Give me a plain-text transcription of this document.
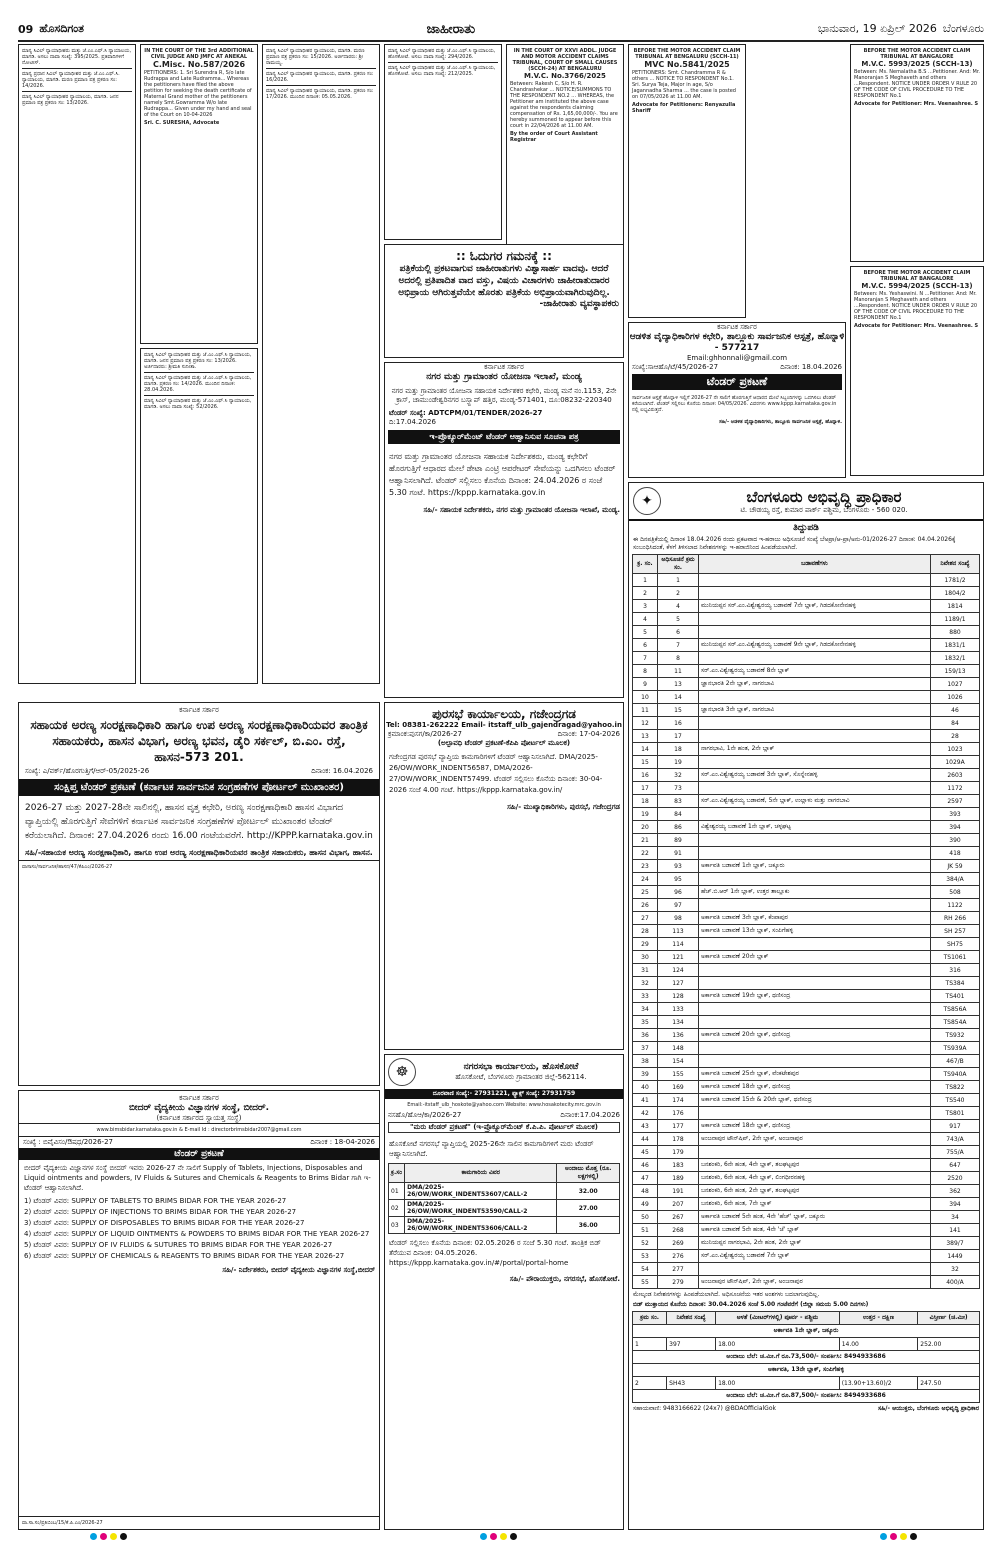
09 ಹೊಸದಿಗಂತ	ಜಾಹೀರಾತು	ಭಾನುವಾರ, 19 ಏಪ್ರಿಲ್ 2026 ಬೆಂಗಳೂರು

ಮಾನ್ಯ ಸಿವಿಲ್ ನ್ಯಾಯಾಧೀಶರು ಮತ್ತು ಜೆ.ಎಂ.ಎಫ್.ಸಿ ನ್ಯಾಯಾಲಯ, ಮಾಗಡಿ. ಅಸಲು ದಾವಾ ಸಂಖ್ಯೆ: 395/2025. ಪ್ರತಿವಾದಿಗಳಿಗೆ ನೋಟೀಸ್.

ಮಾನ್ಯ ಪ್ರಧಾನ ಸಿವಿಲ್ ನ್ಯಾಯಾಧೀಶರ ಮತ್ತು ಜೆ.ಎಂ.ಎಫ್.ಸಿ. ನ್ಯಾಯಾಲಯ, ಮಾಗಡಿ. ಮರಣ ಪ್ರಮಾಣ ಪತ್ರ ಪ್ರಕರಣ ಸಂ: 14/2026.

ಮಾನ್ಯ ಸಿವಿಲ್ ನ್ಯಾಯಾಧೀಶರ ನ್ಯಾಯಾಲಯ, ಮಾಗಡಿ. ಜನನ ಪ್ರಮಾಣ ಪತ್ರ ಪ್ರಕರಣ ಸಂ: 13/2026.

IN THE COURT OF THE 3rd ADDITIONAL CIVIL JUDGE AND JMFC AT ANEKAL
C.Misc. No.587/2026

PETITIONERS: 1. Sri Surendra R, S/o late Rudrappa and Late Rudramma... Whereas the petitioners have filed the above petition for seeking the death certificate of Maternal Grand mother of the petitioners namely Smt.Gowramma W/o late Rudrappa... Given under my hand and seal of the Court on 10-04-2026

Sri. C. SURESHA, Advocate

ಮಾನ್ಯ ಸಿವಿಲ್ ನ್ಯಾಯಾಧೀಶರ ಮತ್ತು ಜೆ.ಎಂ.ಎಫ್.ಸಿ ನ್ಯಾಯಾಲಯ, ಮಾಗಡಿ. ಜನನ ಪ್ರಮಾಣ ಪತ್ರ ಪ್ರಕರಣ ಸಂ: 13/2026. ಅರ್ಜಿದಾರರು: ಶ್ರೀಮತಿ ಸುನೀತಾ.

ಮಾನ್ಯ ಸಿವಿಲ್ ನ್ಯಾಯಾಧೀಶರ ಮತ್ತು ಜೆ.ಎಂ.ಎಫ್.ಸಿ ನ್ಯಾಯಾಲಯ, ಮಾಗಡಿ. ಪ್ರಕರಣ ಸಂ: 14/2026. ಮುಂದಿನ ದಿನಾಂಕ: 28.04.2026.

ಮಾನ್ಯ ಸಿವಿಲ್ ನ್ಯಾಯಾಧೀಶರ ಮತ್ತು ಜೆ.ಎಂ.ಎಫ್.ಸಿ ನ್ಯಾಯಾಲಯ, ಮಾಗಡಿ. ಅಸಲು ದಾವಾ ಸಂಖ್ಯೆ: 52/2026.

ಮಾನ್ಯ ಸಿವಿಲ್ ನ್ಯಾಯಾಧೀಶರ ನ್ಯಾಯಾಲಯ, ಮಾಗಡಿ. ಮರಣ ಪ್ರಮಾಣ ಪತ್ರ ಪ್ರಕರಣ ಸಂ: 15/2026. ಅರ್ಜಿದಾರರು: ಶ್ರೀ ರಾಮಯ್ಯ.

ಮಾನ್ಯ ಸಿವಿಲ್ ನ್ಯಾಯಾಧೀಶರ ನ್ಯಾಯಾಲಯ, ಮಾಗಡಿ. ಪ್ರಕರಣ ಸಂ: 16/2026.

ಮಾನ್ಯ ಸಿವಿಲ್ ನ್ಯಾಯಾಧೀಶರ ನ್ಯಾಯಾಲಯ, ಮಾಗಡಿ. ಪ್ರಕರಣ ಸಂ: 17/2026. ಮುಂದಿನ ದಿನಾಂಕ: 05.05.2026.

ಮಾನ್ಯ ಸಿವಿಲ್ ನ್ಯಾಯಾಧೀಶರ ಮತ್ತು ಜೆ.ಎಂ.ಎಫ್.ಸಿ ನ್ಯಾಯಾಲಯ, ಹೊಸಕೋಟೆ. ಅಸಲು ದಾವಾ ಸಂಖ್ಯೆ: 294/2026.

ಮಾನ್ಯ ಸಿವಿಲ್ ನ್ಯಾಯಾಧೀಶರ ಮತ್ತು ಜೆ.ಎಂ.ಎಫ್.ಸಿ ನ್ಯಾಯಾಲಯ, ಹೊಸಕೋಟೆ. ಅಸಲು ದಾವಾ ಸಂಖ್ಯೆ: 212/2025.

IN THE COURT OF XXVI ADDL. JUDGE AND MOTOR ACCIDENT CLAIMS TRIBUNAL, COURT OF SMALL CAUSES (SCCH-24) AT BENGALURU
M.V.C. No.3766/2025

Between: Rakesh C, S/o H. R. Chandrashekar ... NOTICE/SUMMONS TO THE RESPONDENT NO.2 ... WHEREAS, the Petitioner am instituted the above case against the respondents claiming compensation of Rs. 1,65,00,000/-. You are hereby summoned to appear before this court in 22/04/2026 at 11.00 AM.

By the order of Court Assistant Registrar
BEFORE THE MOTOR ACCIDENT CLAIM TRIBUNAL AT BENGALURU (SCCH-11)
MVC No.5841/2025

PETITIONERS: Smt. Chandramma R & others ... NOTICE TO RESPONDENT No.1. Sri. Surya Teja, Major in age, S/o Jagannadha Sharma ... the case is posted on 07/05/2026 at 11.00 AM.

Advocate for Petitioners: Renyazulla Shariff
BEFORE THE MOTOR ACCIDENT CLAIM TRIBUNAL AT BANGALORE
M.V.C. 5993/2025 (SCCH-13)

Between: Ms. Nemalatha B.S ...Petitioner. And: Mr. Manoranjan S Meghaveth and others ...Respondent. NOTICE UNDER ORDER V RULE 20 OF THE CODE OF CIVIL PROCEDURE TO THE RESPONDENT No.1

Advocate for Petitioner: Mrs. Veenashree. S
BEFORE THE MOTOR ACCIDENT CLAIM TRIBUNAL AT BANGALORE
M.V.C. 5994/2025 (SCCH-13)

Between: Ms. Yeshaswini. N ...Petitioner. And: Mr. Manoranjan S Meghaveth and others ...Respondent. NOTICE UNDER ORDER V RULE 20 OF THE CODE OF CIVIL PROCEDURE TO THE RESPONDENT No.1

Advocate for Petitioner: Mrs. Veenashree. S
:: ಓದುಗರ ಗಮನಕ್ಕೆ ::
ಪತ್ರಿಕೆಯಲ್ಲಿ ಪ್ರಕಟವಾಗುವ ಜಾಹೀರಾತುಗಳು ವಿಶ್ವಾಸಾರ್ಹ ವಾದವು. ಆದರೆ ಅದರಲ್ಲಿ ಪ್ರತಿಪಾದಿತ ವಾದ ವಸ್ತು, ವಿಷಯ ವಿಚಾರಗಳು ಜಾಹೀರಾತುದಾರರ ಅಭಿಪ್ರಾಯ ಆಗಿರುತ್ತವೆಯೇ ಹೊರತು ಪತ್ರಿಕೆಯ ಅಭಿಪ್ರಾಯವಾಗಿರುವುದಿಲ್ಲ.
-ಜಾಹೀರಾತು ವ್ಯವಸ್ಥಾಪಕರು
ಕರ್ನಾಟಕ ಸರ್ಕಾರ
ಆಡಳಿತ ವೈದ್ಯಾಧಿಕಾರಿಗಳ ಕಛೇರಿ, ತಾಲ್ಲೂಕು ಸಾರ್ವಜನಿಕ ಆಸ್ಪತ್ರೆ, ಹೊನ್ನಾಳಿ - 577217
Email:ghhonnali@gmail.com
ಸಂಖ್ಯೆ:ಸಾಆಹೊ/ಟೆ/45/2026-27	ದಿನಾಂಕ: 18.04.2026
ಟೆಂಡರ್ ಪ್ರಕಟಣೆ
ಸಾರ್ವಜನಿಕ ಆಸ್ಪತ್ರೆ ಹೊನ್ನಾಳಿ ಇಲ್ಲಿಗೆ 2026-27 ನೇ ಸಾಲಿಗೆ ಹೊರಗುತ್ತಿಗೆ ಆಧಾರದ ಮೇಲೆ ಸಿಬ್ಬಂದಿಗಳನ್ನು ಒದಗಿಸಲು ಟೆಂಡರ್ ಕರೆಯಲಾಗಿದೆ. ಟೆಂಡರ್ ಸಲ್ಲಿಸಲು ಕೊನೆಯ ದಿನಾಂಕ: 04/05/2026. ವಿವರಗಳು www.kppp.karnataka.gov.in ನಲ್ಲಿ ಲಭ್ಯವಿರುತ್ತದೆ.
ಸಹಿ/- ಆಡಳಿತ ವೈದ್ಯಾಧಿಕಾರಿಗಳು, ತಾಲ್ಲೂಕು ಸಾರ್ವಜನಿಕ ಆಸ್ಪತ್ರೆ, ಹೊನ್ನಾಳಿ.
ಕರ್ನಾಟಕ ಸರ್ಕಾರ
ನಗರ ಮತ್ತು ಗ್ರಾಮಾಂತರ ಯೋಜನಾ ಇಲಾಖೆ, ಮಂಡ್ಯ
ನಗರ ಮತ್ತು ಗ್ರಾಮಾಂತರ ಯೋಜನಾ ಸಹಾಯಕ ನಿರ್ದೇಶಕರ ಕಛೇರಿ, ಮಂಡ್ಯ ಮನೆ ನಂ.1153, 2ನೇ ಕ್ರಾಸ್, ಚಾಮುಂಡೇಶ್ವರಿನಗರ ಬಸ್ಸ್ಟಾಪ್ ಹತ್ತಿರ, ಮಂಡ್ಯ-571401, ದೂ:08232-220340
ಟೆಂಡರ್ ಸಂಖ್ಯೆ: ADTCPM/01/TENDER/2026-27
ದಿ:17.04.2026
ಇ-ಪ್ರೊಕ್ಯೂರ್‌ಮೆಂಟ್ ಟೆಂಡರ್ ಆಹ್ವಾನಿಸುವ ಸೂಚನಾ ಪತ್ರ
ನಗರ ಮತ್ತು ಗ್ರಾಮಾಂತರ ಯೋಜನಾ ಸಹಾಯಕ ನಿರ್ದೇಶಕರು, ಮಂಡ್ಯ ಕಛೇರಿಗೆ ಹೊರಗುತ್ತಿಗೆ ಆಧಾರದ ಮೇಲೆ ಡೇಟಾ ಎಂಟ್ರಿ ಆಪರೇಟರ್ ಸೇವೆಯನ್ನು ಒದಗಿಸಲು ಟೆಂಡರ್ ಆಹ್ವಾನಿಸಲಾಗಿದೆ. ಟೆಂಡರ್ ಸಲ್ಲಿಸಲು ಕೊನೆಯ ದಿನಾಂಕ: 24.04.2026 ರ ಸಂಜೆ 5.30 ಗಂಟೆ. https://kppp.karnataka.gov.in
ಸಹಿ/- ಸಹಾಯಕ ನಿರ್ದೇಶಕರು, ನಗರ ಮತ್ತು ಗ್ರಾಮಾಂತರ ಯೋಜನಾ ಇಲಾಖೆ, ಮಂಡ್ಯ.
ಪುರಸಭೆ ಕಾರ್ಯಾಲಯ, ಗಜೇಂದ್ರಗಡ
Tel: 08381-262222 Email- itstaff_ulb_gajendragad@yahoo.in
ಕ್ರಮಾಂಕ:ಪುಸಗ/ಕಾ/2026-27	ದಿನಾಂಕ: 17-04-2026
(ಅಲ್ಪಾವಧಿ ಟೆಂಡರ್ ಪ್ರಕಟಣೆ-ಕೆಪಿಪಿ ಪೋರ್ಟಲ್ ಮೂಲಕ)
ಗಜೇಂದ್ರಗಡ ಪುರಸಭೆ ವ್ಯಾಪ್ತಿಯ ಕಾಮಗಾರಿಗಳಿಗೆ ಟೆಂಡರ್ ಆಹ್ವಾನಿಸಲಾಗಿದೆ. DMA/2025-26/OW/WORK_INDENT56587, DMA/2026-27/OW/WORK_INDENT57499. ಟೆಂಡರ್ ಸಲ್ಲಿಸಲು ಕೊನೆಯ ದಿನಾಂಕ: 30-04-2026 ಸಂಜೆ 4.00 ಗಂಟೆ. https://kppp.karnataka.gov.in/
ಸಹಿ/- ಮುಖ್ಯಾಧಿಕಾರಿಗಳು, ಪುರಸಭೆ, ಗಜೇಂದ್ರಗಡ
☸	ನಗರಸಭಾ ಕಾರ್ಯಾಲಯ, ಹೊಸಕೋಟೆ
ಹೊಸಕೋಟೆ, ಬೆಂಗಳೂರು ಗ್ರಾಮಾಂತರ ಜಿಲ್ಲೆ-562114.
ದೂರವಾಣಿ ಸಂಖ್ಯೆ:- 27931221, ಫ್ಯಾಕ್ಸ್ ಸಂಖ್ಯೆ: 27931759
Email:-itstaff_ulb_hoskote@yahoo.com Website: www.hosakotecity.mrc.gov.in
ನಸಹೊ/ಹೊಆ/ಕಾ/2026-27	ದಿನಾಂಕ:17.04.2026
"ಮರು ಟೆಂಡರ್ ಪ್ರಕಟಣೆ" (ಇ-ಪ್ರೊಕ್ಯೂರ್‌ಮೆಂಟ್ ಕೆ.ಪಿ.ಪಿ. ಪೋರ್ಟಲ್ ಮೂಲಕ)
ಹೊಸಕೋಟೆ ನಗರಸಭೆ ವ್ಯಾಪ್ತಿಯಲ್ಲಿ 2025-26ನೇ ಸಾಲಿನ ಕಾಮಗಾರಿಗಳಿಗೆ ಮರು ಟೆಂಡರ್ ಆಹ್ವಾನಿಸಲಾಗಿದೆ.
ಕ್ರ.ಸಂ	ಕಾಮಗಾರಿಯ ವಿವರ	ಅಂದಾಜು ಮೊತ್ತ (ರೂ. ಲಕ್ಷಗಳಲ್ಲಿ)
01	DMA/2025-26/OW/WORK_INDENT53607/CALL-2	32.00
02	DMA/2025-26/OW/WORK_INDENT53590/CALL-2	27.00
03	DMA/2025-26/OW/WORK_INDENT53606/CALL-2	36.00
ಟೆಂಡರ್ ಸಲ್ಲಿಸಲು ಕೊನೆಯ ದಿನಾಂಕ: 02.05.2026 ರ ಸಂಜೆ 5.30 ಗಂಟೆ. ತಾಂತ್ರಿಕ ಬಿಡ್ ತೆರೆಯುವ ದಿನಾಂಕ: 04.05.2026. https://kppp.karnataka.gov.in/#/portal/portal-home
ಸಹಿ/- ಪೌರಾಯುಕ್ತರು, ನಗರಸಭೆ, ಹೊಸಕೋಟೆ.
ಕರ್ನಾಟಕ ಸರ್ಕಾರ
ಸಹಾಯಕ ಅರಣ್ಯ ಸಂರಕ್ಷಣಾಧಿಕಾರಿ ಹಾಗೂ ಉಪ ಅರಣ್ಯ ಸಂರಕ್ಷಣಾಧಿಕಾರಿಯವರ ತಾಂತ್ರಿಕ ಸಹಾಯಕರು, ಹಾಸನ ವಿಭಾಗ, ಅರಣ್ಯ ಭವನ, ಡೈರಿ ಸರ್ಕಲ್, ಬಿ.ಎಂ. ರಸ್ತೆ, ಹಾಸನ-573 201.
ಸಂಖ್ಯೆ: ಎ/ವರ್ಕ್/ಹೊರಗುತ್ತಿಗೆ/ಆರ್-05/2025-26	ದಿನಾಂಕ: 16.04.2026
ಸಂಕ್ಷಿಪ್ತ ಟೆಂಡರ್ ಪ್ರಕಟಣೆ (ಕರ್ನಾಟಕ ಸಾರ್ವಜನಿಕ ಸಂಗ್ರಹಣೆಗಳ ಪೋರ್ಟಲ್ ಮುಖಾಂತರ)
2026-27 ಮತ್ತು 2027-28ನೇ ಸಾಲಿನಲ್ಲಿ, ಹಾಸನ ವೃತ್ತ ಕಛೇರಿ, ಅರಣ್ಯ ಸಂರಕ್ಷಣಾಧಿಕಾರಿ ಹಾಸನ ವಿಭಾಗದ ವ್ಯಾಪ್ತಿಯಲ್ಲಿ ಹೊರಗುತ್ತಿಗೆ ಸೇವೆಗಳಿಗೆ ಕರ್ನಾಟಕ ಸಾರ್ವಜನಿಕ ಸಂಗ್ರಹಣೆಗಳ ಪೋರ್ಟಲ್ ಮುಖಾಂತರ ಟೆಂಡರ್ ಕರೆಯಲಾಗಿದೆ. ದಿನಾಂಕ: 27.04.2026 ರಂದು 16.00 ಗಂಟೆಯವರೆಗೆ. http://KPPP.karnataka.gov.in
ಸಹಿ/-ಸಹಾಯಕ ಅರಣ್ಯ ಸಂರಕ್ಷಣಾಧಿಕಾರಿ, ಹಾಗೂ ಉಪ ಅರಣ್ಯ ಸಂರಕ್ಷಣಾಧಿಕಾರಿಯವರ ತಾಂತ್ರಿಕ ಸಹಾಯಕರು, ಹಾಸನ ವಿಭಾಗ, ಹಾಸನ.
ವಾಸಾಸಂ/ಸಾರ್ವಜನಿಕ/ಹಾಸನ/47/ಕೆಪಿಎಂ/2026-27
ಕರ್ನಾಟಕ ಸರ್ಕಾರ
ಬೀದರ್ ವೈದ್ಯಕೀಯ ವಿಜ್ಞಾನಗಳ ಸಂಸ್ಥೆ, ಬೀದರ್.
(ಕರ್ನಾಟಕ ಸರ್ಕಾರದ ಸ್ವಾಯತ್ತ ಸಂಸ್ಥೆ)
www.bimsbidar.karnataka.gov.in & E-mail Id : directorbrimsbidar2007@gmail.com
ಸಂಖ್ಯೆ : ಬಿವೈವಿಸಂ/ಔಷಧ/2026-27	ದಿನಾಂಕ : 18-04-2026
ಟೆಂಡರ್ ಪ್ರಕಟಣೆ
ಬೀದರ್ ವೈದ್ಯಕೀಯ ವಿಜ್ಞಾನಗಳ ಸಂಸ್ಥೆ ಬೀದರ್ ಇವರು 2026-27 ನೇ ಸಾಲಿಗೆ Supply of Tablets, Injections, Disposables and Liquid ointments and powders, IV Fluids & Sutures and Chemicals & Reagents to Brims Bidar ಗಾಗಿ ಇ-ಟೆಂಡರ್ ಆಹ್ವಾನಿಸಲಾಗಿದೆ.
1) ಟೆಂಡರ್ ವಿವರ: SUPPLY OF TABLETS TO BRIMS BIDAR FOR THE YEAR 2026-27
2) ಟೆಂಡರ್ ವಿವರ: SUPPLY OF INJECTIONS TO BRIMS BIDAR FOR THE YEAR 2026-27
3) ಟೆಂಡರ್ ವಿವರ: SUPPLY OF DISPOSABLES TO BRIMS BIDAR FOR THE YEAR 2026-27
4) ಟೆಂಡರ್ ವಿವರ: SUPPLY OF LIQUID OINTMENTS & POWDERS TO BRIMS BIDAR FOR THE YEAR 2026-27
5) ಟೆಂಡರ್ ವಿವರ: SUPPLY OF IV FLUIDS & SUTURES TO BRIMS BIDAR FOR THE YEAR 2026-27
6) ಟೆಂಡರ್ ವಿವರ: SUPPLY OF CHEMICALS & REAGENTS TO BRIMS BIDAR FOR THE YEAR 2026-27
ಸಹಿ/- ನಿರ್ದೇಶಕರು, ಬೀದರ್ ವೈದ್ಯಕೀಯ ವಿಜ್ಞಾನಗಳ ಸಂಸ್ಥೆ,ಬೀದರ್
ವಾ.ಸಾ.ಸಂ/ಪ್ರತಿಬಿಂಬ/15/ಕೆ.ಪಿ.ಎಂ/2026-27
✦	ಬೆಂಗಳೂರು ಅಭಿವೃದ್ಧಿ ಪ್ರಾಧಿಕಾರ
ಟಿ. ಚೌಡಯ್ಯ ರಸ್ತೆ, ಕುಮಾರ ಪಾರ್ಕ್ ಪಶ್ಚಿಮ, ಬೆಂಗಳೂರು - 560 020.
ತಿದ್ದುಪಡಿ
ಈ ದಿನಪತ್ರಿಕೆಯಲ್ಲಿ ದಿನಾಂಕ 18.04.2026 ರಂದು ಪ್ರಕಟವಾದ ಇ-ಹರಾಜು ಅಧಿಸೂಚನೆ ಸಂಖ್ಯೆ ಬೆಅಪ್ರಾ/ಆ-ಪ್ರಾ/ಅನು-01/2026-27 ದಿನಾಂಕ: 04.04.2026ಕ್ಕೆ ಸಂಬಂಧಿಸಿದಂತೆ, ಕೆಳಗೆ ತಿಳಿಸಲಾದ ನಿವೇಶನಗಳನ್ನು ಇ-ಹರಾಜಿನಿಂದ ಹಿಂಪಡೆಯಲಾಗಿದೆ.
ಕ್ರ. ಸಂ.	ಅಧಿಸೂಚನೆ ಕ್ರಮ ಸಂ.	ಬಡಾವಣೆಗಳು	ನಿವೇಶನ ಸಂಖ್ಯೆ
1	1		1781/2
2	2		1804/2
3	4	ಮುನಿಯಪ್ಪನ ಸರ್.ಎಂ.ವಿಶ್ವೇಶ್ವರಯ್ಯ ಬಡಾವಣೆ 7ನೇ ಬ್ಲಾಕ್, ಗಿಡದಕೋನೇನಹಳ್ಳಿ	1814
4	5		1189/1
5	6		880
6	7	ಮುನಿಯಪ್ಪನ ಸರ್.ಎಂ.ವಿಶ್ವೇಶ್ವರಯ್ಯ ಬಡಾವಣೆ 9ನೇ ಬ್ಲಾಕ್, ಗಿಡದಕೋನೇನಹಳ್ಳಿ	1831/1
7	8		1832/1
8	11	ಸರ್.ಎಂ.ವಿಶ್ವೇಶ್ವರಯ್ಯ ಬಡಾವಣೆ 8ನೇ ಬ್ಲಾಕ್	159/13
9	13	ಜ್ಞಾನಭಾರತಿ 2ನೇ ಬ್ಲಾಕ್, ನಾಗರಬಾವಿ	1027
10	14		1026
11	15	ಜ್ಞಾನಭಾರತಿ 3ನೇ ಬ್ಲಾಕ್, ನಾಗರಬಾವಿ	46
12	16		84
13	17		28
14	18	ನಾಗರಭಾವಿ, 1ನೇ ಹಂತ, 2ನೇ ಬ್ಲಾಕ್	1023
15	19		1029A
16	32	ಸರ್.ಎಂ.ವಿಶ್ವೇಶ್ವರಯ್ಯ ಬಡಾವಣೆ 3ನೇ ಬ್ಲಾಕ್, ಸೊನ್ನೇನಹಳ್ಳಿ	2603
17	73		1172
18	83	ಸರ್.ಎಂ.ವಿಶ್ವೇಶ್ವರಯ್ಯ ಬಡಾವಣೆ, 5ನೇ ಬ್ಲಾಕ್, ಉಲ್ಲಾಳು ಮತ್ತು ನಾಗರಬಾವಿ	2597
19	84		393
20	86	ವಿಶ್ವೇಶ್ವರಯ್ಯ ಬಡಾವಣೆ 1ನೇ ಬ್ಲಾಕ್, ಚಳ್ಳಘಟ್ಟ	394
21	89		390
22	91		418
23	93	ಅರ್ಕಾವತಿ ಬಡಾವಣೆ 1ನೇ ಬ್ಲಾಕ್, ಜಕ್ಕೂರು	JK 59
24	95		384/A
25	96	ಹೆಚ್.ಬಿ.ಆರ್ 1ನೇ ಬ್ಲಾಕ್, ಉತ್ತರ ತಾಲ್ಲೂಕು	508
26	97		1122
27	98	ಅರ್ಕಾವತಿ ಬಡಾವಣೆ 3ನೇ ಬ್ಲಾಕ್, ಕೆಂಪಾಪುರ	RH 266
28	113	ಅರ್ಕಾವತಿ ಬಡಾವಣೆ 13ನೇ ಬ್ಲಾಕ್, ಸಂಪಿಗೆಹಳ್ಳಿ	SH 257
29	114		SH75
30	121	ಅರ್ಕಾವತಿ ಬಡಾವಣೆ 20ನೇ ಬ್ಲಾಕ್	TS1061
31	124		316
32	127		TS384
33	128	ಅರ್ಕಾವತಿ ಬಡಾವಣೆ 19ನೇ ಬ್ಲಾಕ್, ಥಣಿಸಂದ್ರ	TS401
34	133		TS856A
35	134		TS854A
36	136	ಅರ್ಕಾವತಿ ಬಡಾವಣೆ 20ನೇ ಬ್ಲಾಕ್, ಥಣಿಸಂದ್ರ	TS932
37	148		TS939A
38	154		467/B
39	155	ಅರ್ಕಾವತಿ ಬಡಾವಣೆ 25ನೇ ಬ್ಲಾಕ್, ವೆಂಕಟೇಶಪುರ	TS940A
40	169	ಅರ್ಕಾವತಿ ಬಡಾವಣೆ 18ನೇ ಬ್ಲಾಕ್, ಥಣಿಸಂದ್ರ	TS822
41	174	ಅರ್ಕಾವತಿ ಬಡಾವಣೆ 15ನೇ & 20ನೇ ಬ್ಲಾಕ್, ಥಣಿಸಂದ್ರ	TS540
42	176		TS801
43	177	ಅರ್ಕಾವತಿ ಬಡಾವಣೆ 18ನೇ ಬ್ಲಾಕ್, ಥಣಿಸಂದ್ರ	917
44	178	ಅಂಜನಾಪುರ ಟೌನ್‌ಷಿಪ್, 2ನೇ ಬ್ಲಾಕ್, ಅಂಜನಾಪುರ	743/A
45	179		755/A
46	183	ಬನಶಂಕರಿ, 6ನೇ ಹಂತ, 4ನೇ ಬ್ಲಾಕ್, ತಲಘಟ್ಟಪುರ	647
47	189	ಬನಶಂಕರಿ, 6ನೇ ಹಂತ, 4ನೇ ಬ್ಲಾಕ್, ಲಿಂಗಧೀರನಹಳ್ಳಿ	2520
48	191	ಬನಶಂಕರಿ, 6ನೇ ಹಂತ, 2ನೇ ಬ್ಲಾಕ್, ತಲಘಟ್ಟಪುರ	362
49	207	ಬನಶಂಕರಿ, 6ನೇ ಹಂತ, 7ನೇ ಬ್ಲಾಕ್	394
50	267	ಅರ್ಕಾವತಿ ಬಡಾವಣೆ 5ನೇ ಹಂತ, 4ನೇ 'ಹೆಚ್' ಬ್ಲಾಕ್, ಜಕ್ಕೂರು	34
51	268	ಅರ್ಕಾವತಿ ಬಡಾವಣೆ 5ನೇ ಹಂತ, 4ನೇ 'ಜೆ' ಬ್ಲಾಕ್	141
52	269	ಮುನಿಯಪ್ಪನ ನಾಗರಭಾವಿ, 2ನೇ ಹಂತ, 2ನೇ ಬ್ಲಾಕ್	389/7
53	276	ಸರ್.ಎಂ.ವಿಶ್ವೇಶ್ವರಯ್ಯ ಬಡಾವಣೆ 7ನೇ ಬ್ಲಾಕ್	1449
54	277		32
55	279	ಅಂಜನಾಪುರ ಟೌನ್‌ಷಿಪ್, 2ನೇ ಬ್ಲಾಕ್, ಅಂಜನಾಪುರ	400/A
ಮೇಲ್ಕಂಡ ನಿವೇಶನಗಳನ್ನು ಹಿಂಪಡೆಯಲಾಗಿದೆ. ಅಧಿಸೂಚನೆಯ ಇತರ ಅಂಶಗಳು ಬದಲಾಗುವುದಿಲ್ಲ.
ಬಿಡ್ ಮುಕ್ತಾಯದ ಕೊನೆಯ ದಿನಾಂಕ: 30.04.2026 ಸಂಜೆ 5.00 ಗಂಟೆವರೆಗೆ (ಜಿಲ್ಲಾ ಸಮಯ 5.00 ದಿನಗಳು)
ಕ್ರಮ ಸಂ.	ನಿವೇಶನ ಸಂಖ್ಯೆ	ಅಳತೆ (ಮೀಟರ್‌ಗಳಲ್ಲಿ) ಪೂರ್ವ - ಪಶ್ಚಿಮ	ಉತ್ತರ - ದಕ್ಷಿಣ	ವಿಸ್ತೀರ್ಣ (ಚ.ಮೀ)
ಅರ್ಕಾವತಿ 1ನೇ ಬ್ಲಾಕ್, ಜಕ್ಕೂರು				
1	397	18.00	14.00	252.00
ಅಂದಾಜು ಬೆಲೆ: ಚ.ಮೀ.ಗೆ ರೂ.73,500/- ಸಂಪರ್ಕಿಸಿ: 8494933686				
ಅರ್ಕಾವತಿ, 13ನೇ ಬ್ಲಾಕ್, ಸಂಪಿಗೆಹಳ್ಳಿ				
2	SH43	18.00	(13.90+13.60)/2	247.50
ಅಂದಾಜು ಬೆಲೆ: ಚ.ಮೀ.ಗೆ ರೂ.87,500/- ಸಂಪರ್ಕಿಸಿ: 8494933686				
ಸಹಾಯವಾಣಿ: 9483166622 (24x7) @BDAOfficialGok	ಸಹಿ/- ಆಯುಕ್ತರು, ಬೆಂಗಳೂರು ಅಭಿವೃದ್ಧಿ ಪ್ರಾಧಿಕಾರ
